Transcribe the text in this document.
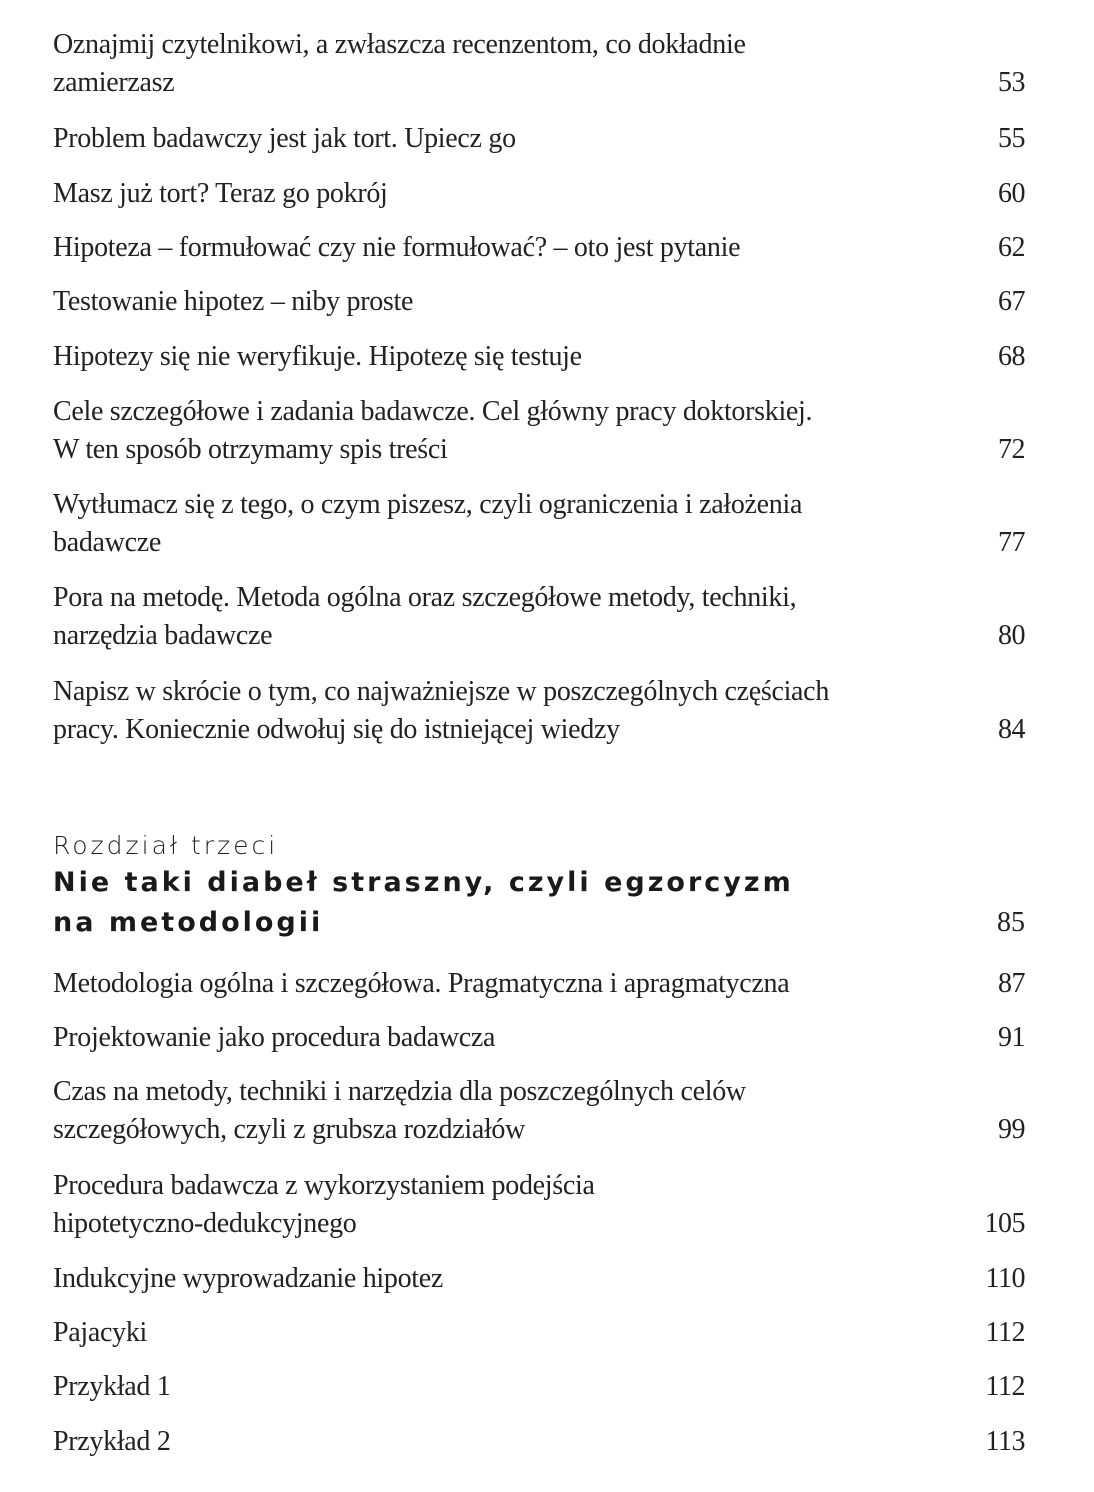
Oznajmij czytelnikowi, a zwłaszcza recenzentom, co dokładnie
zamierzasz	53
Problem badawczy jest jak tort. Upiecz go	55
Masz już tort? Teraz go pokrój	60
Hipoteza – formułować czy nie formułować? – oto jest pytanie	62
Testowanie hipotez – niby proste	67
Hipotezy się nie weryfikuje. Hipotezę się testuje	68
Cele szczegółowe i zadania badawcze. Cel główny pracy doktorskiej.
W ten sposób otrzymamy spis treści	72
Wytłumacz się z tego, o czym piszesz, czyli ograniczenia i założenia
badawcze	77
Pora na metodę. Metoda ogólna oraz szczegółowe metody, techniki,
narzędzia badawcze	80
Napisz w skrócie o tym, co najważniejsze w poszczególnych częściach
pracy. Koniecznie odwołuj się do istniejącej wiedzy	84
Rozdział trzeci
Nie taki diabeł straszny, czyli egzorcyzm
na metodologii	85
Metodologia ogólna i szczegółowa. Pragmatyczna i apragmatyczna	87
Projektowanie jako procedura badawcza	91
Czas na metody, techniki i narzędzia dla poszczególnych celów
szczegółowych, czyli z grubsza rozdziałów	99
Procedura badawcza z wykorzystaniem podejścia
hipotetyczno-dedukcyjnego	105
Indukcyjne wyprowadzanie hipotez	110
Pajacyki	112
Przykład 1	112
Przykład 2	113
